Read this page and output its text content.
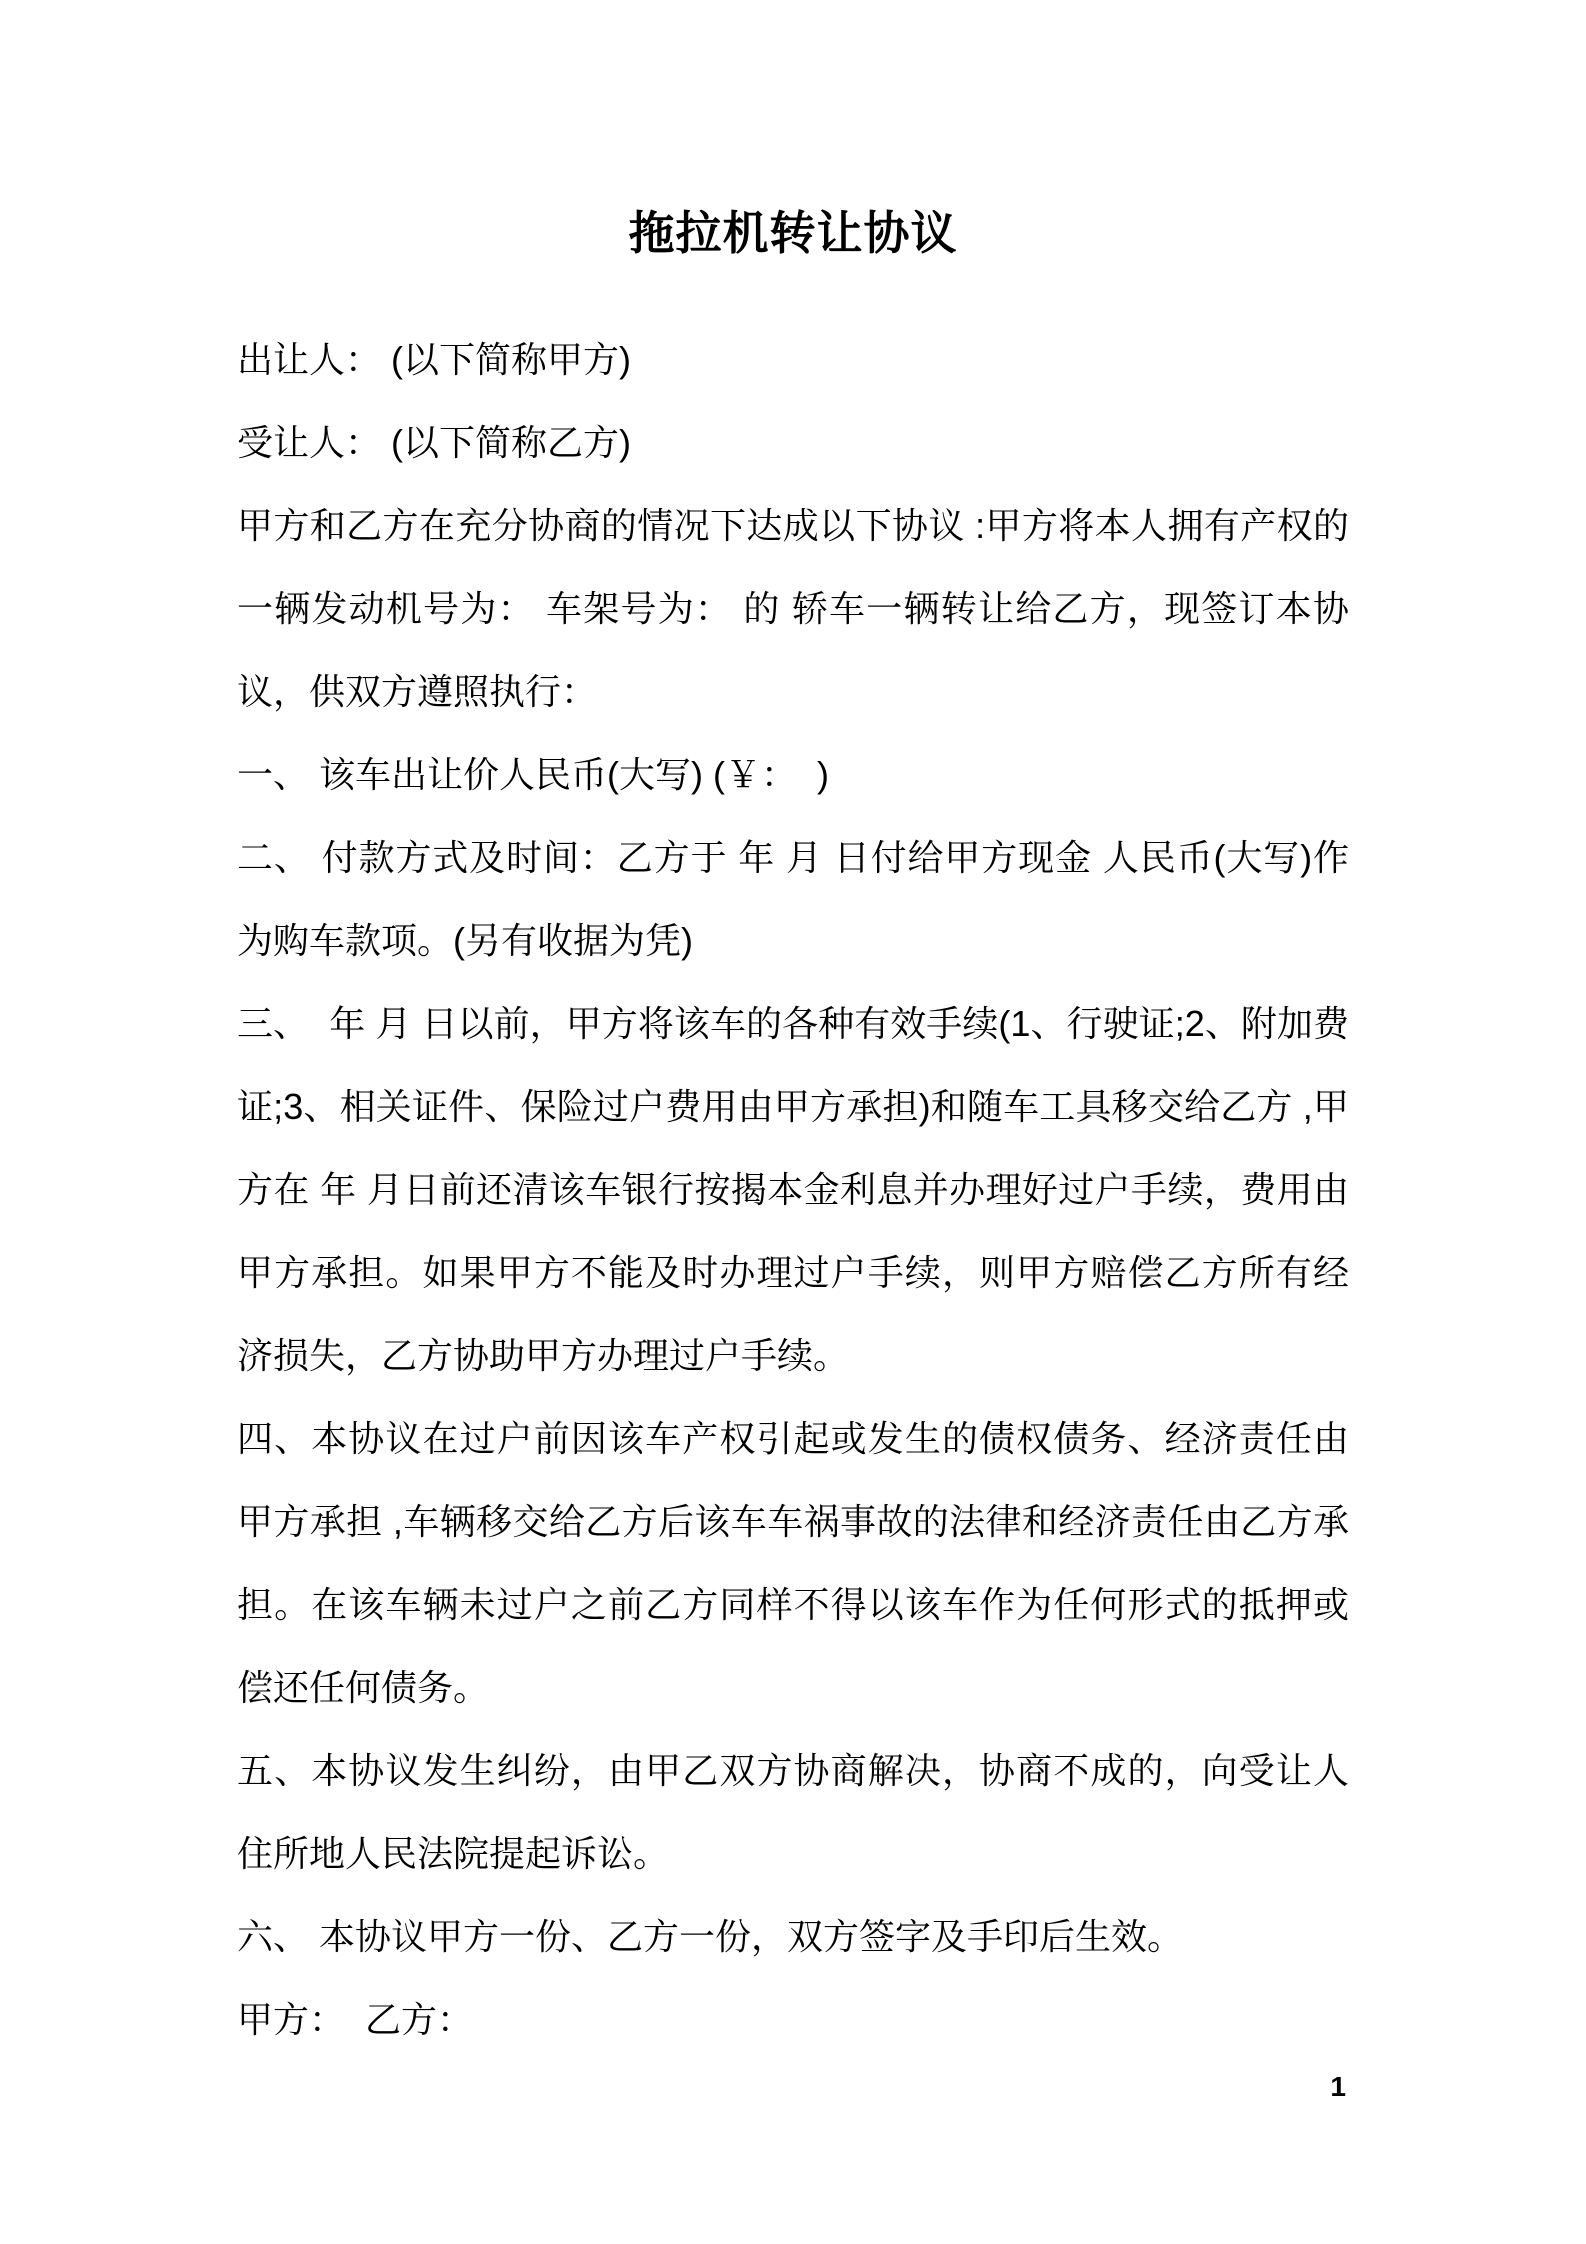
拖拉机转让协议

出让人： (以下简称甲方)

受让人： (以下简称乙方)

甲方和乙方在充分协商的情况下达成以下协议 :甲方将本人拥有产权的一辆发动机号为： 车架号为： 的 轿车一辆转让给乙方，现签订本协议，供双方遵照执行：

一、 该车出让价人民币(大写) (￥：  )

二、 付款方式及时间：乙方于 年 月 日付给甲方现金 人民币(大写)作为购车款项。(另有收据为凭)

三、  年 月 日以前，甲方将该车的各种有效手续(1、行驶证;2、附加费证;3、相关证件、保险过户费用由甲方承担)和随车工具移交给乙方 ,甲方在 年 月日前还清该车银行按揭本金利息并办理好过户手续，费用由甲方承担。如果甲方不能及时办理过户手续，则甲方赔偿乙方所有经济损失，乙方协助甲方办理过户手续。

四、本协议在过户前因该车产权引起或发生的债权债务、经济责任由甲方承担 ,车辆移交给乙方后该车车祸事故的法律和经济责任由乙方承担。在该车辆未过户之前乙方同样不得以该车作为任何形式的抵押或偿还任何债务。

五、本协议发生纠纷，由甲乙双方协商解决，协商不成的，向受让人住所地人民法院提起诉讼。

六、 本协议甲方一份、乙方一份，双方签字及手印后生效。

甲方：  乙方：

1
